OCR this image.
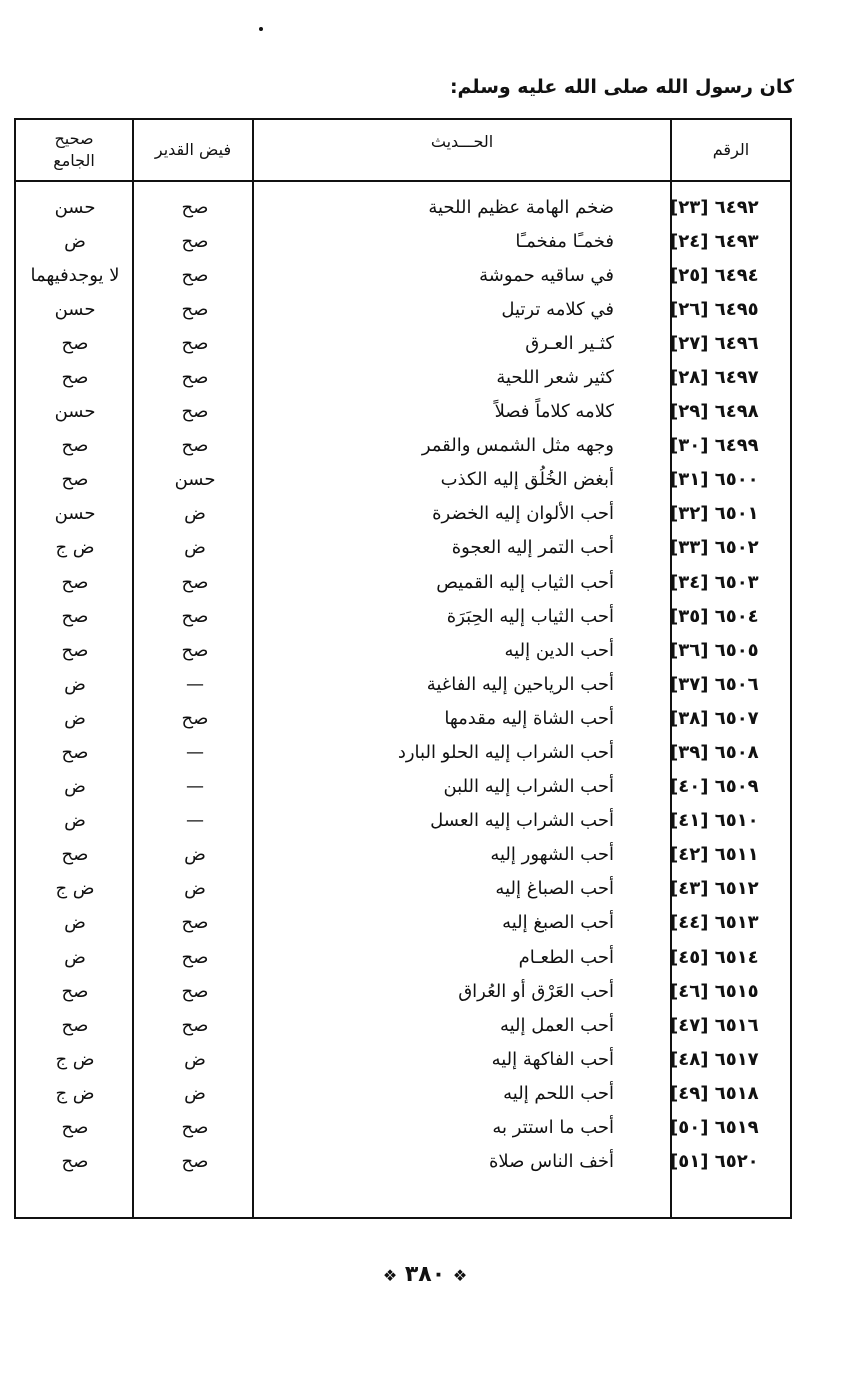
كان رسول الله صلى الله عليه وسلم:
صحيح الجامع
فيض القدير	الحـــديث	الرقم
٦٤٩٢ [٢٣]
ضخم الهامة عظيم اللحية
صح
حسن
٦٤٩٣ [٢٤]
فخمـًا مفخمـًا
صح
ض
٦٤٩٤ [٢٥]
في ساقيه حموشة
صح
لا يوجدفيهما
٦٤٩٥ [٢٦]
في كلامه ترتيل
صح
حسن
٦٤٩٦ [٢٧]
كثـير العـرق
صح
صح
٦٤٩٧ [٢٨]
كثير شعر اللحية
صح
صح
٦٤٩٨ [٢٩]
كلامه كلاماً فصلاً
صح
حسن
٦٤٩٩ [٣٠]
وجهه مثل الشمس والقمر
صح
صح
٦٥٠٠ [٣١]
أبغض الخُلُق إليه الكذب
حسن
صح
٦٥٠١ [٣٢]
أحب الألوان إليه الخضرة
ض
حسن
٦٥٠٢ [٣٣]
أحب التمر إليه العجوة
ض
ض ج
٦٥٠٣ [٣٤]
أحب الثياب إليه القميص
صح
صح
٦٥٠٤ [٣٥]
أحب الثياب إليه الحِبَرَة
صح
صح
٦٥٠٥ [٣٦]
أحب الدين إليه
صح
صح
٦٥٠٦ [٣٧]
أحب الرياحين إليه الفاغية
—
ض
٦٥٠٧ [٣٨]
أحب الشاة إليه مقدمها
صح
ض
٦٥٠٨ [٣٩]
أحب الشراب إليه الحلو البارد
—
صح
٦٥٠٩ [٤٠]
أحب الشراب إليه اللبن
—
ض
٦٥١٠ [٤١]
أحب الشراب إليه العسل
—
ض
٦٥١١ [٤٢]
أحب الشهور إليه
ض
صح
٦٥١٢ [٤٣]
أحب الصباغ إليه
ض
ض ج
٦٥١٣ [٤٤]
أحب الصبغ إليه
صح
ض
٦٥١٤ [٤٥]
أحب الطعـام
صح
ض
٦٥١٥ [٤٦]
أحب العَرْق أو العُراق
صح
صح
٦٥١٦ [٤٧]
أحب العمل إليه
صح
صح
٦٥١٧ [٤٨]
أحب الفاكهة إليه
ض
ض ج
٦٥١٨ [٤٩]
أحب اللحم إليه
ض
ض ج
٦٥١٩ [٥٠]
أحب ما استتر به
صح
صح
٦٥٢٠ [٥١]
أخف الناس صلاة
صح
صح
❖ ٣٨٠ ❖
